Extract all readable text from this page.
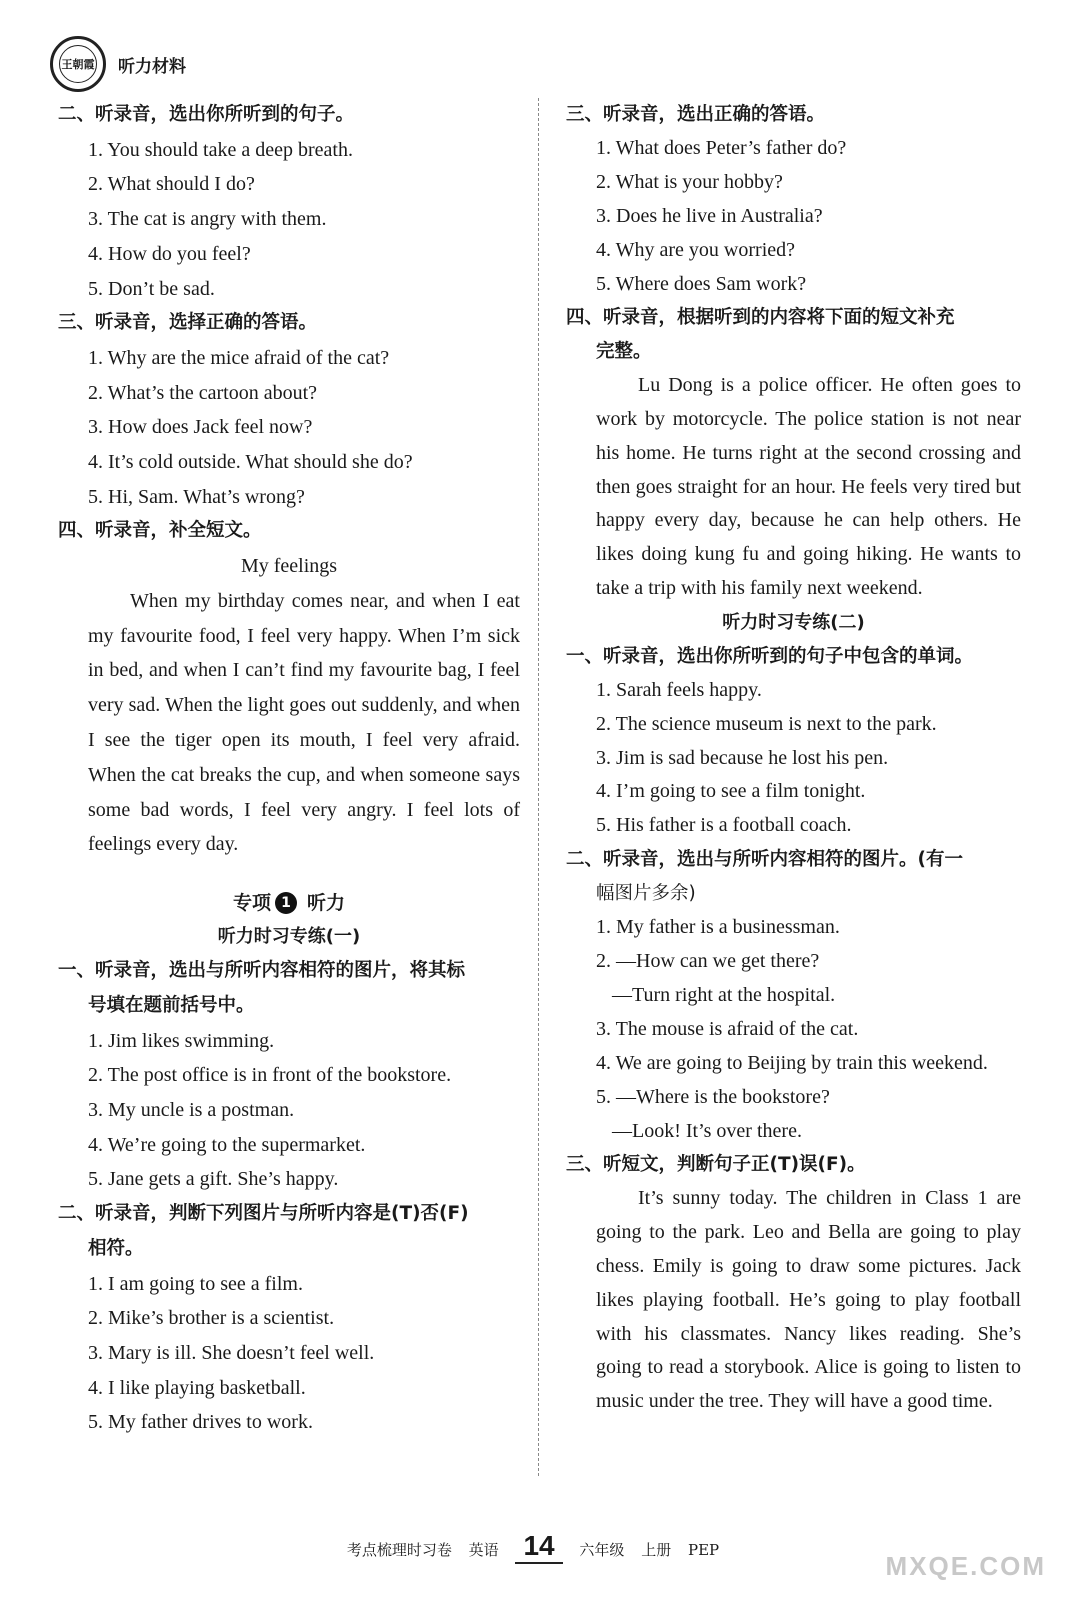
王朝霞 听力材料
二、听录音，选出你所听到的句子。
1. You should take a deep breath.
2. What should I do?
3. The cat is angry with them.
4. How do you feel?
5. Don’t be sad.
三、听录音，选择正确的答语。
1. Why are the mice afraid of the cat?
2. What’s the cartoon about?
3. How does Jack feel now?
4. It’s cold outside. What should she do?
5. Hi, Sam. What’s wrong?
四、听录音，补全短文。
My feelings
When my birthday comes near, and when I eat my favourite food, I feel very happy. When I’m sick in bed, and when I can’t find my favourite bag, I feel very sad. When the light goes out suddenly, and when I see the tiger open its mouth, I feel very afraid. When the cat breaks the cup, and when someone says some bad words, I feel very angry. I feel lots of feelings every day.
专项 1 听力
听力时习专练(一)
一、听录音，选出与所听内容相符的图片，将其标
号填在题前括号中。
1. Jim likes swimming.
2. The post office is in front of the bookstore.
3. My uncle is a postman.
4. We’re going to the supermarket.
5. Jane gets a gift. She’s happy.
二、听录音，判断下列图片与所听内容是(T)否(F)
相符。
1. I am going to see a film.
2. Mike’s brother is a scientist.
3. Mary is ill. She doesn’t feel well.
4. I like playing basketball.
5. My father drives to work.
三、听录音，选出正确的答语。
1. What does Peter’s father do?
2. What is your hobby?
3. Does he live in Australia?
4. Why are you worried?
5. Where does Sam work?
四、听录音，根据听到的内容将下面的短文补充
完整。
Lu Dong is a police officer. He often goes to work by motorcycle. The police station is not near his home. He turns right at the second crossing and then goes straight for an hour. He feels very tired but happy every day, because he can help others. He likes doing kung fu and going hiking. He wants to take a trip with his family next weekend.
听力时习专练(二)
一、听录音，选出你所听到的句子中包含的单词。
1. Sarah feels happy.
2. The science museum is next to the park.
3. Jim is sad because he lost his pen.
4. I’m going to see a film tonight.
5. His father is a football coach.
二、听录音，选出与所听内容相符的图片。(有一
幅图片多余)
1. My father is a businessman.
2. —How can we get there?
—Turn right at the hospital.
3. The mouse is afraid of the cat.
4. We are going to Beijing by train this weekend.
5. —Where is the bookstore?
—Look! It’s over there.
三、听短文，判断句子正(T)误(F)。
It’s sunny today. The children in Class 1 are going to the park. Leo and Bella are going to play chess. Emily is going to draw some pictures. Jack likes playing football. He’s going to play football with his classmates. Nancy likes reading. She’s going to read a storybook. Alice is going to listen to music under the tree. They will have a good time.
考点梳理时习卷 英语 14 六年级 上册 PEP
MXQE.COM
